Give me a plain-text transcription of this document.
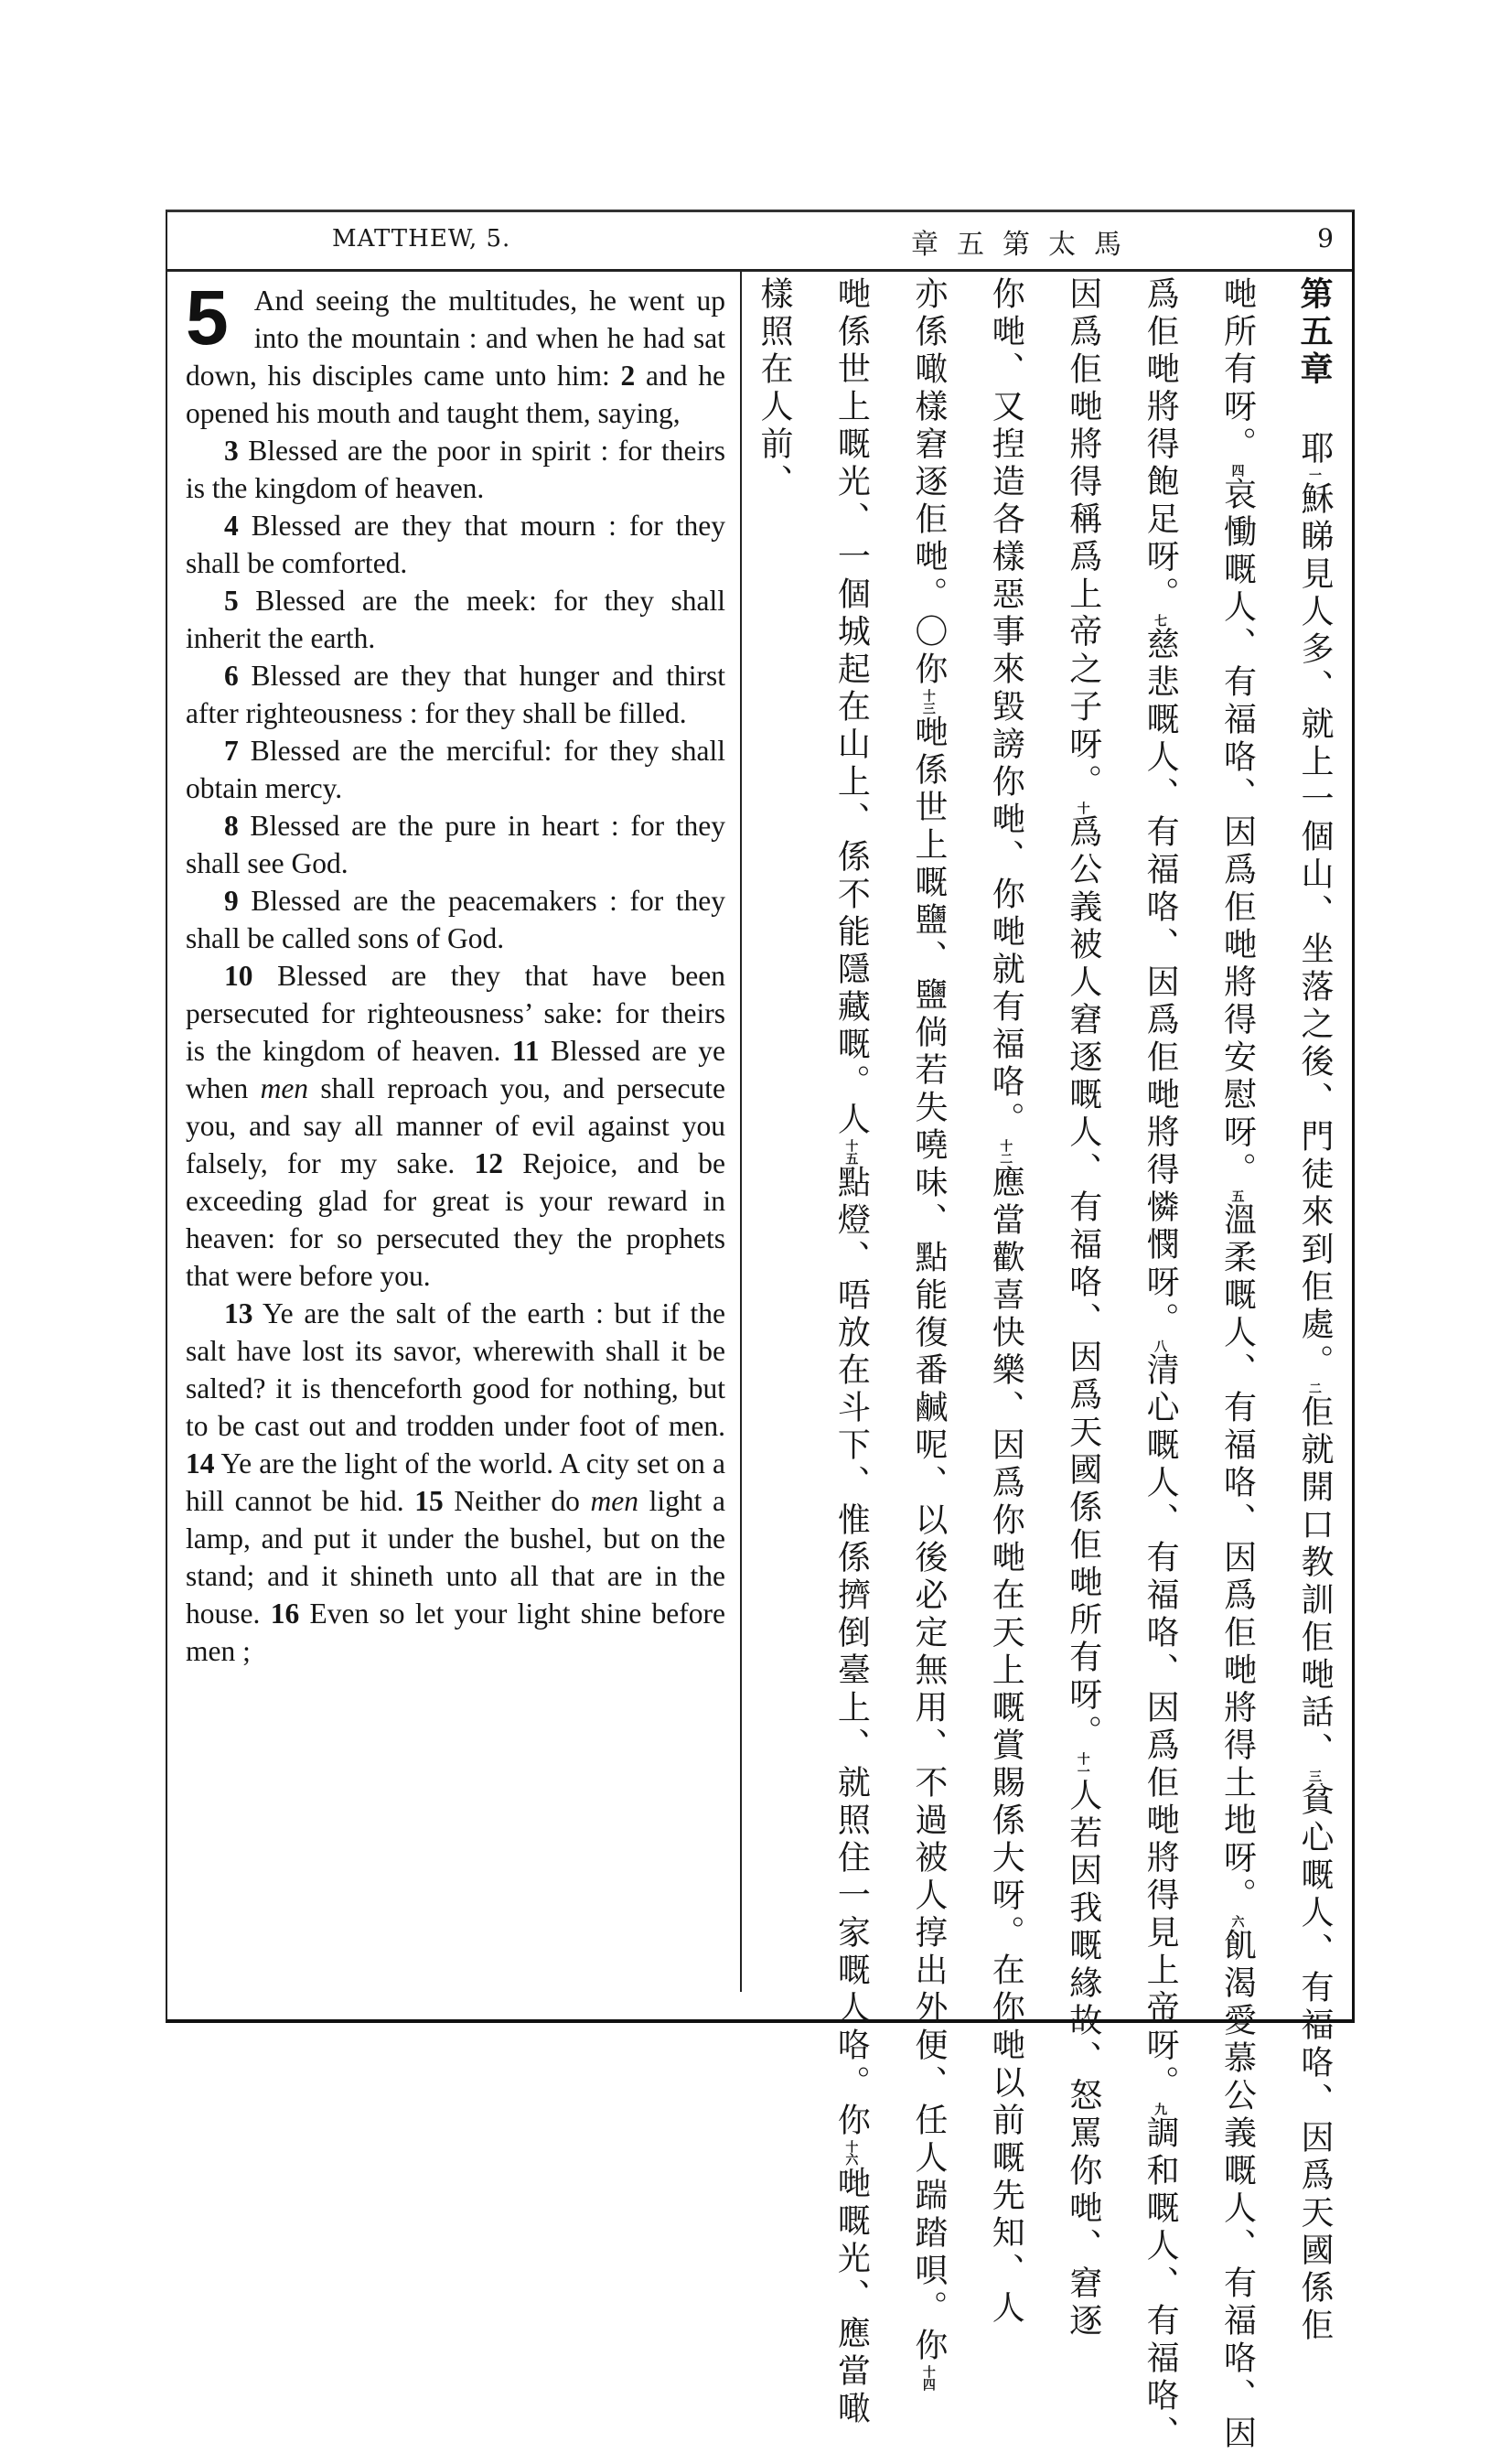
MATTHEW, 5.	章五第太馬	9
5 And seeing the multitudes, he went up into the mountain : and when he had sat down, his disciples came unto him: 2 and he opened his mouth and taught them, saying,

3 Blessed are the poor in spirit : for theirs is the kingdom of heaven.

4 Blessed are they that mourn : for they shall be comforted.

5 Blessed are the meek: for they shall inherit the earth.

6 Blessed are they that hunger and thirst after righteousness : for they shall be filled.

7 Blessed are the merciful: for they shall obtain mercy.

8 Blessed are the pure in heart : for they shall see God.

9 Blessed are the peacemakers : for they shall be called sons of God.

10 Blessed are they that have been persecuted for righteousness’ sake: for theirs is the kingdom of heaven. 11 Blessed are ye when men shall reproach you, and persecute you, and say all manner of evil against you falsely, for my sake. 12 Rejoice, and be exceeding glad for great is your reward in heaven: for so persecuted they the prophets that were before you.

13 Ye are the salt of the earth : but if the salt have lost its savor, wherewith shall it be salted? it is thenceforth good for nothing, but to be cast out and trodden under foot of men. 14 Ye are the light of the world. A city set on a hill cannot be hid. 15 Neither do men light a lamp, and put it under the bushel, but on the stand; and it shineth unto all that are in the house. 16 Even so let your light shine before men ;

第五章耶一穌睇見人多、就上一個山、坐落之後、門徒來到佢處。二佢就開口教訓佢哋話、三貧心嘅人、有福咯、因爲天國係佢
哋所有呀。四哀慟嘅人、有福咯、因爲佢哋將得安慰呀。五溫柔嘅人、有福咯、因爲佢哋將得土地呀。六飢渴愛慕公義嘅人、有福咯、因
爲佢哋將得飽足呀。七慈悲嘅人、有福咯、因爲佢哋將得憐憫呀。八清心嘅人、有福咯、因爲佢哋將得見上帝呀。九調和嘅人、有福咯、
因爲佢哋將得稱爲上帝之子呀。十爲公義被人窘逐嘅人、有福咯、因爲天國係佢哋所有呀。十一人若因我嘅緣故、怒罵你哋、窘逐
你哋、又揑造各樣惡事來毀謗你哋、你哋就有福咯。十二應當歡喜快樂、因爲你哋在天上嘅賞賜係大呀。在你哋以前嘅先知、人
亦係噉樣窘逐佢哋。〇你十三哋係世上嘅鹽、鹽倘若失嘵味、點能復番鹹呢、以後必定無用、不過被人㨃出外便、任人踹踏唄。你十四
哋係世上嘅光、一個城起在山上、係不能隱藏嘅。人十五點燈、唔放在斗下、惟係擠倒臺上、就照住一家嘅人咯。你十六哋嘅光、應當噉
樣照在人前、
